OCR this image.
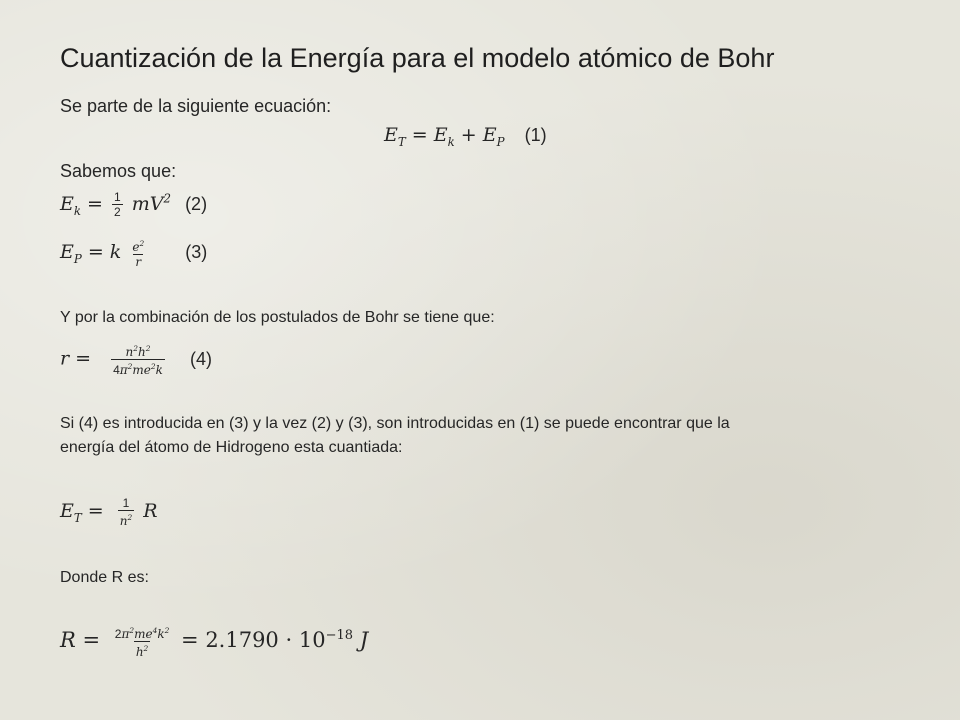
Cuantización de la Energía para el modelo atómico de Bohr
Se parte de la siguiente ecuación:
$E_T = E_k + E_P$ (1)
Sabemos que:
$E_k = \frac{1}{2} mV^2$ (2)
$E_P = k \frac{e^2}{r} (3)$
Y por la combinación de los postulados de Bohr se tiene que:
$r = \frac{n^2h^2}{4\pi^2me^2k} (4)$
Si (4) es introducida en (3) y la vez (2) y (3), son introducidas en (1) se puede encontrar que la
energía del átomo de Hidrogeno esta cuantiada:
$E_T = \frac{1}{n^2}$ R
Donde R es:
$R = \frac{2\pi^2me^4k^2}{h^2} = 2.1790 \cdot 10^{-18}$ J
